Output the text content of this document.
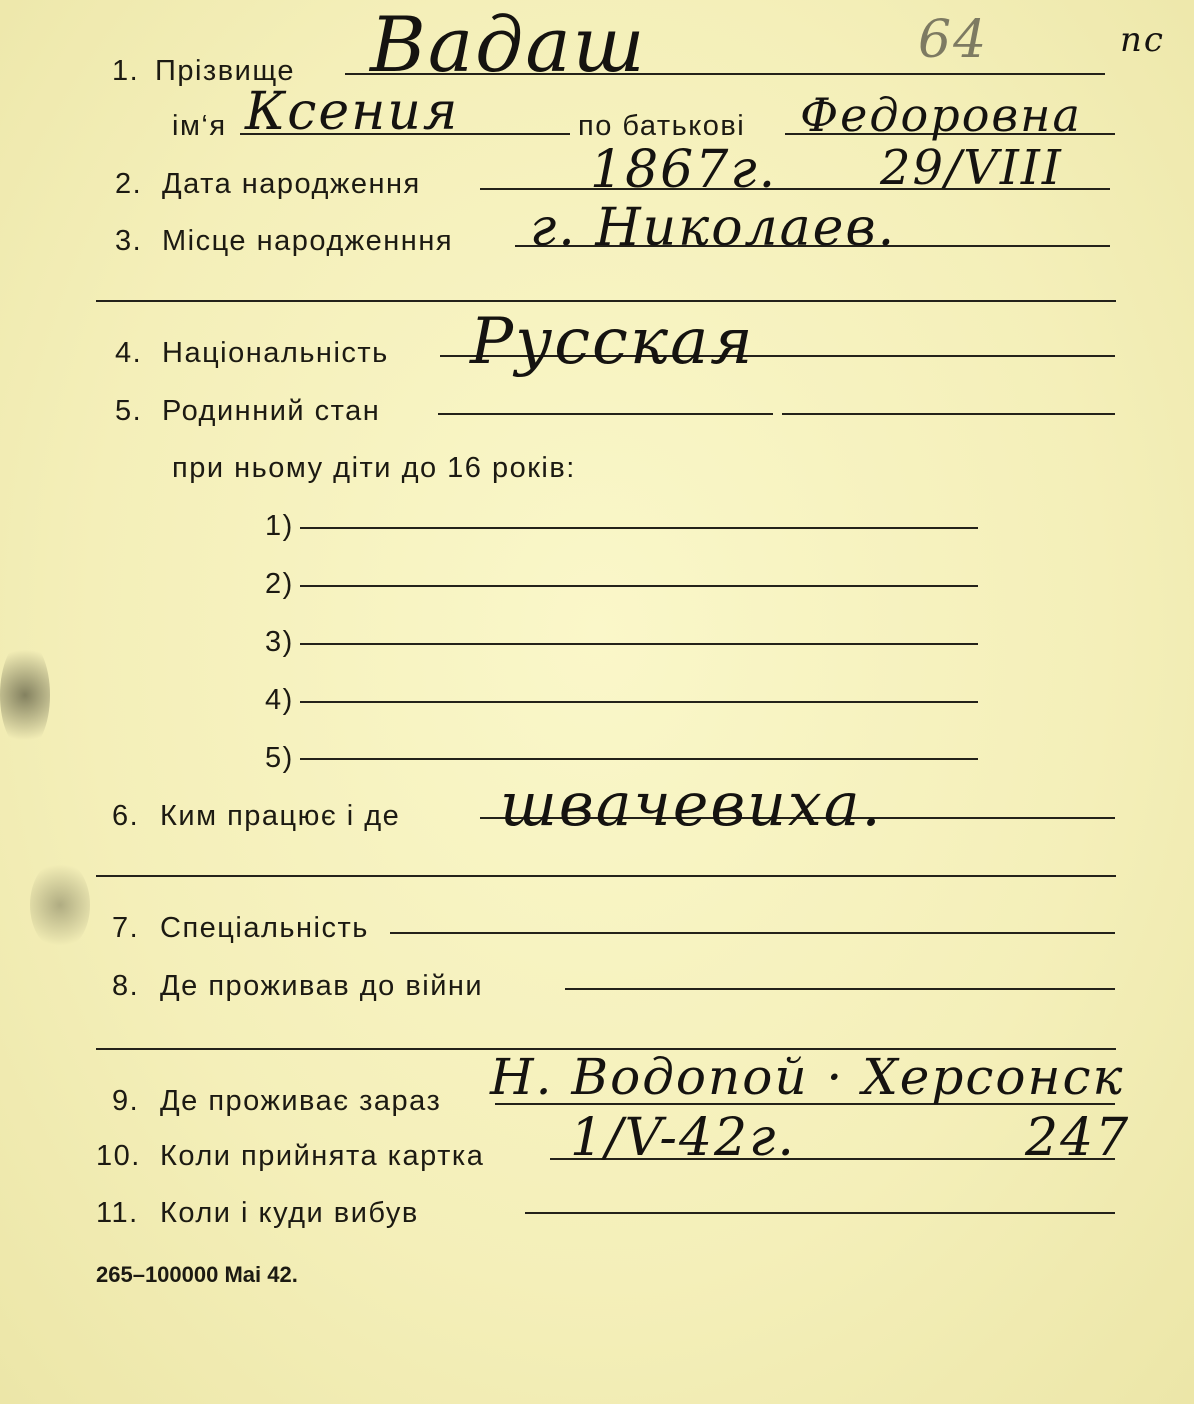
1. Прізвище Вадаш	64	пс
ім‘я Ксения	по батькові Федоровна
2. Дата народження	1867г. 29/VIII
3. Місце народженння г. Николаев.
4. Національність Русская
5. Родинний стан
при ньому діти до 16 років:
1)
2)
3)
4)
5)
6. Ким працює і де швачевиха.
7. Спеціальність
8. Де проживав до війни
9. Де проживає зараз Н. Водопой · Херсонск
10. Коли прийнята картка 1/V-42г.	247
11. Коли і куди вибув
265–100000 Mai 42.
